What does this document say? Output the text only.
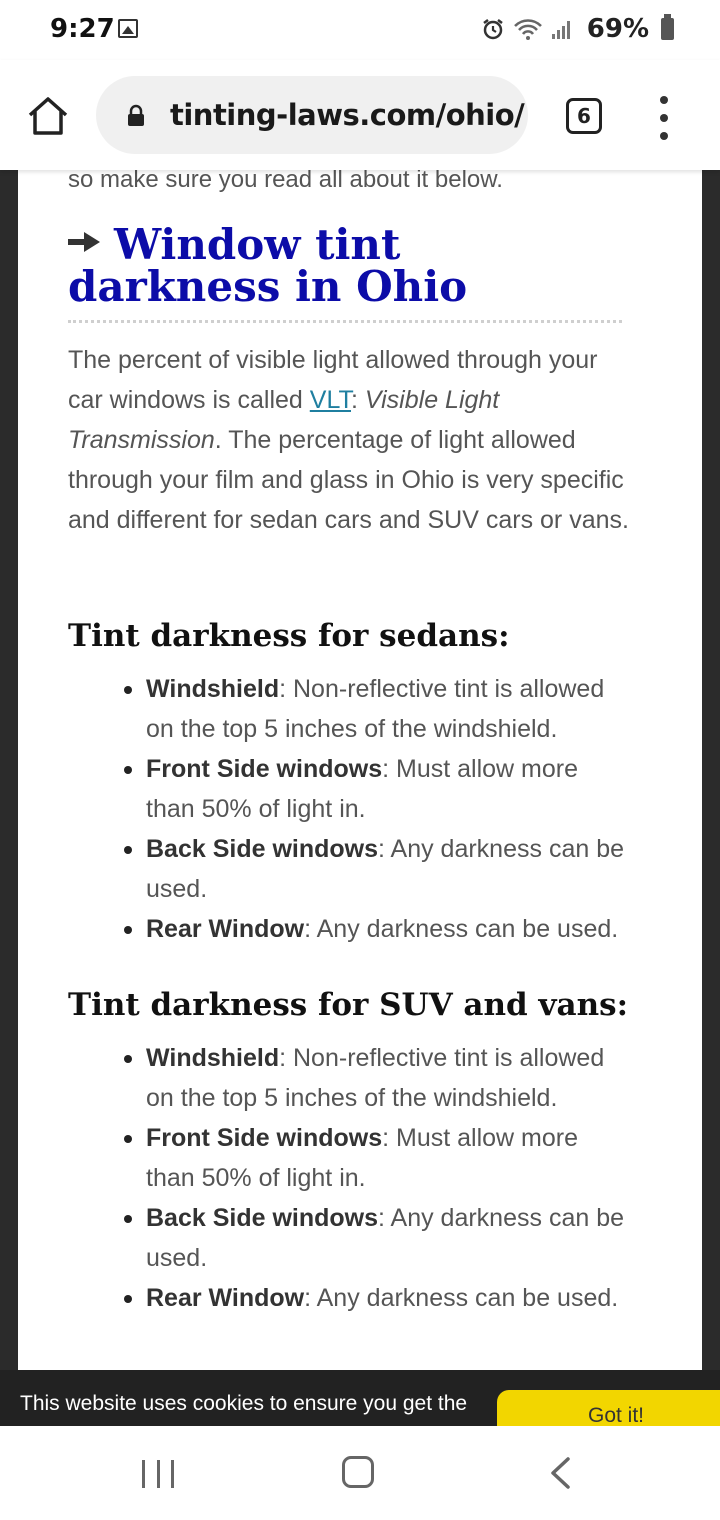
9:27	69%
tinting-laws.com/ohio/	6
so make sure you read all about it below.
Window tint darkness in Ohio

The percent of visible light allowed through your car windows is called VLT: Visible Light Transmission. The percentage of light allowed through your film and glass in Ohio is very specific and different for sedan cars and SUV cars or vans.

Tint darkness for sedans:
Windshield: Non-reflective tint is allowed on the top 5 inches of the windshield.
Front Side windows: Must allow more than 50% of light in.
Back Side windows: Any darkness can be used.
Rear Window: Any darkness can be used.
Tint darkness for SUV and vans:
Windshield: Non-reflective tint is allowed on the top 5 inches of the windshield.
Front Side windows: Must allow more than 50% of light in.
Back Side windows: Any darkness can be used.
Rear Window: Any darkness can be used.
This website uses cookies to ensure you get the
Got it!
